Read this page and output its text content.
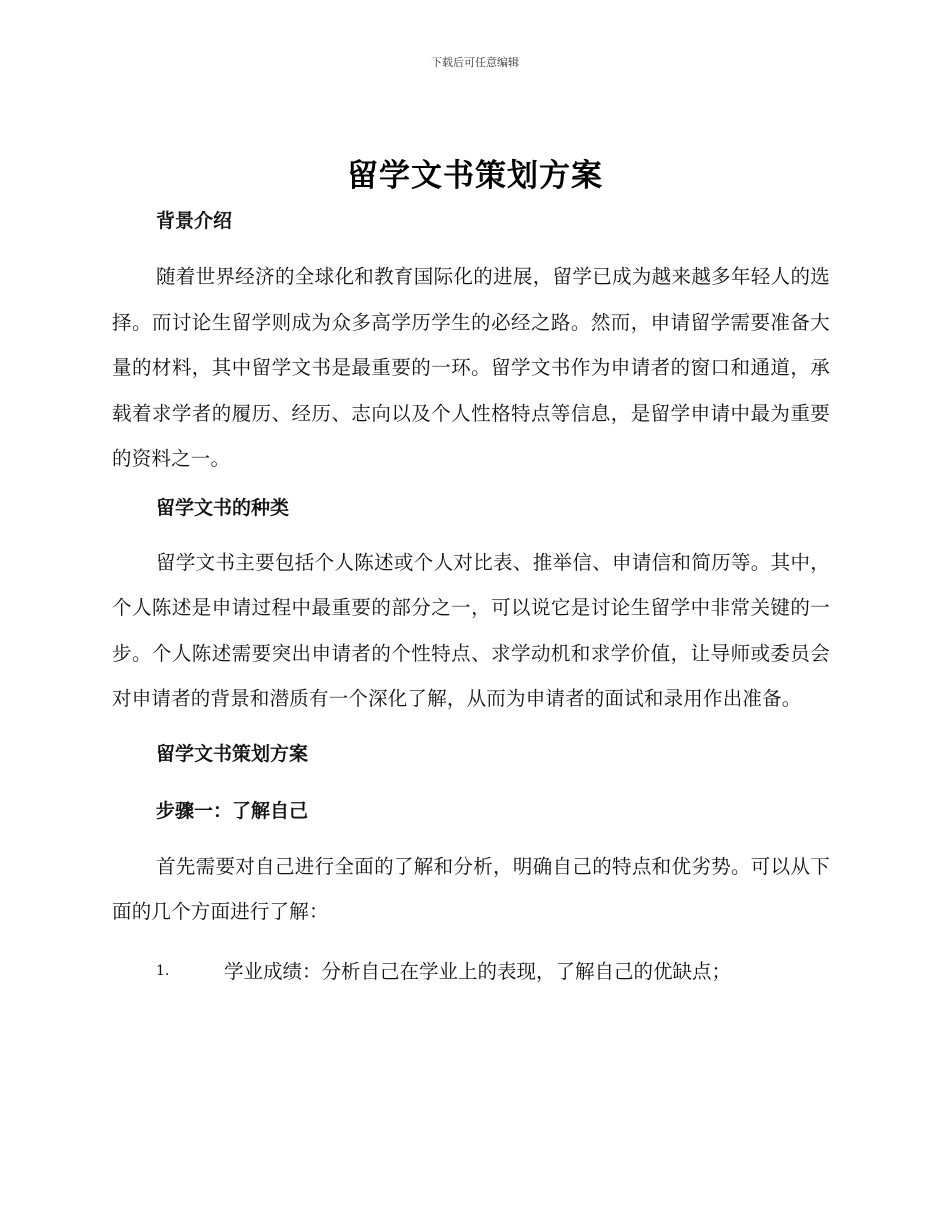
下载后可任意编辑
留学文书策划方案
背景介绍

随着世界经济的全球化和教育国际化的进展，留学已成为越来越多年轻人的选择。而讨论生留学则成为众多高学历学生的必经之路。然而，申请留学需要准备大量的材料，其中留学文书是最重要的一环。留学文书作为申请者的窗口和通道，承载着求学者的履历、经历、志向以及个人性格特点等信息，是留学申请中最为重要的资料之一。

留学文书的种类

留学文书主要包括个人陈述或个人对比表、推举信、申请信和简历等。其中，个人陈述是申请过程中最重要的部分之一，可以说它是讨论生留学中非常关键的一步。个人陈述需要突出申请者的个性特点、求学动机和求学价值，让导师或委员会对申请者的背景和潜质有一个深化了解，从而为申请者的面试和录用作出准备。

留学文书策划方案
步骤一：了解自己

首先需要对自己进行全面的了解和分析，明确自己的特点和优劣势。可以从下面的几个方面进行了解：

1.	学业成绩：分析自己在学业上的表现，了解自己的优缺点；
